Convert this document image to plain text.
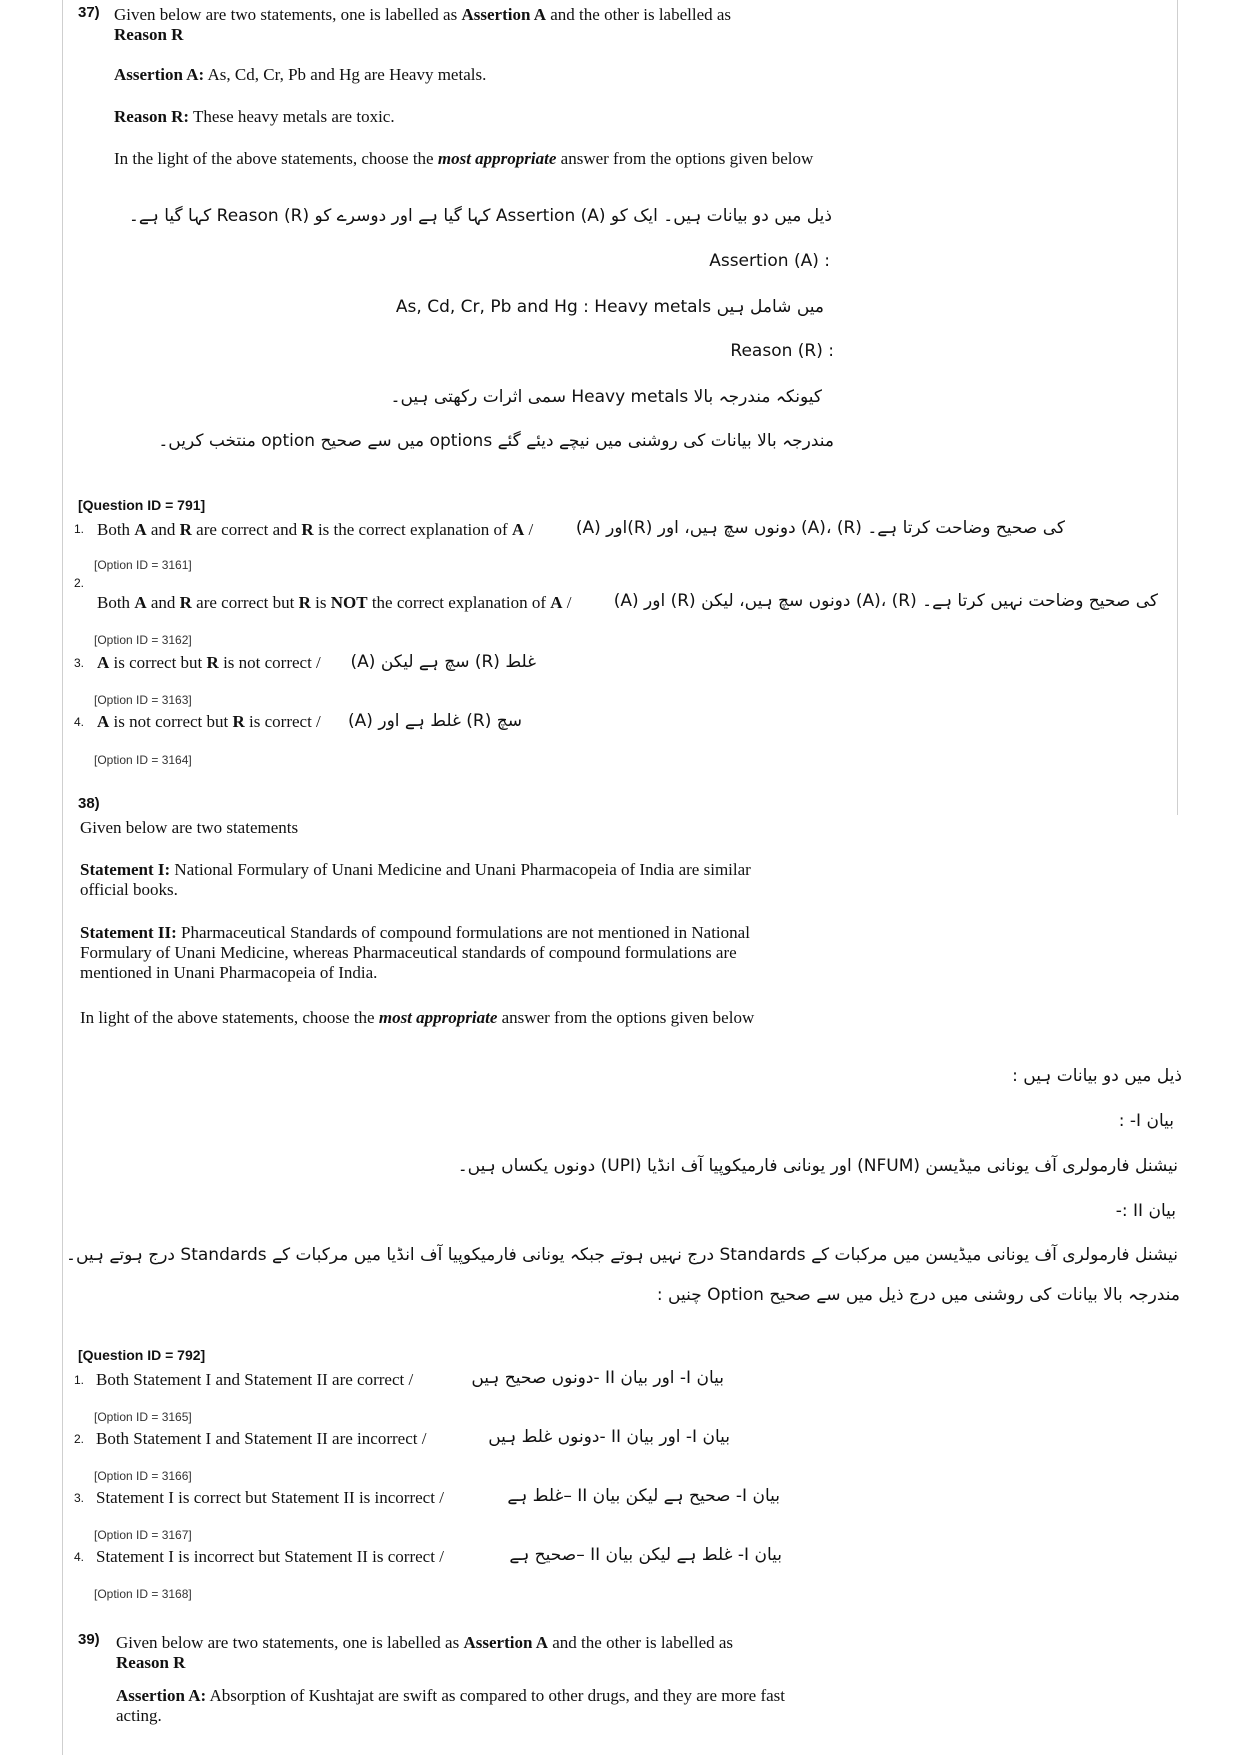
37) Given below are two statements, one is labelled as Assertion A and the other is labelled as
Reason R
Assertion A: As, Cd, Cr, Pb and Hg are Heavy metals.
Reason R: These heavy metals are toxic.
In the light of the above statements, choose the most appropriate answer from the options given below
ذیل میں دو بیانات ہیں۔ ایک کو Assertion (A) کہا گیا ہے اور دوسرے کو Reason (R) کہا گیا ہے۔
Assertion (A) :
As, Cd, Cr, Pb and Hg : Heavy metals میں شامل ہیں
Reason (R) :
کیونکہ مندرجہ بالا Heavy metals سمی اثرات رکھتی ہیں۔
مندرجہ بالا بیانات کی روشنی میں نیچے دیئے گئے options میں سے صحیح option منتخب کریں۔
[Question ID = 791]
1. Both A and R are correct and R is the correct explanation of A /	(A) اور(R) دونوں سچ ہیں، اور (A)، (R) کی صحیح وضاحت کرتا ہے۔
[Option ID = 3161]
2.
Both A and R are correct but R is NOT the correct explanation of A / (A) اور (R) دونوں سچ ہیں، لیکن (A)، (R) کی صحیح وضاحت نہیں کرتا ہے۔
[Option ID = 3162]
3. A is correct but R is not correct / (A) سچ ہے لیکن (R) غلط
[Option ID = 3163]
4. A is not correct but R is correct / (A) غلط ہے اور (R) سچ
[Option ID = 3164]
38)
Given below are two statements
Statement I: National Formulary of Unani Medicine and Unani Pharmacopeia of India are similar official books.
Statement II: Pharmaceutical Standards of compound formulations are not mentioned in National Formulary of Unani Medicine, whereas Pharmaceutical standards of compound formulations are mentioned in Unani Pharmacopeia of India.
In light of the above statements, choose the most appropriate answer from the options given below
ذیل میں دو بیانات ہیں :
بیان I- :
نیشنل فارمولری آف یونانی میڈیسن (NFUM) اور یونانی فارمیکوپیا آف انڈیا (UPI) دونوں یکساں ہیں۔
بیان II :-
نیشنل فارمولری آف یونانی میڈیسن میں مرکبات کے Standards درج نہیں ہوتے جبکہ یونانی فارمیکوپیا آف انڈیا میں مرکبات کے Standards درج ہوتے ہیں۔
مندرجہ بالا بیانات کی روشنی میں درج ذیل میں سے صحیح Option چنیں :
[Question ID = 792]
1. Both Statement I and Statement II are correct /	بیان I- اور بیان II -دونوں صحیح ہیں
[Option ID = 3165]
2. Both Statement I and Statement II are incorrect /	بیان I- اور بیان II -دونوں غلط ہیں
[Option ID = 3166]
3. Statement I is correct but Statement II is incorrect /	بیان I- صحیح ہے لیکن بیان II –غلط ہے
[Option ID = 3167]
4. Statement I is incorrect but Statement II is correct /	بیان I- غلط ہے لیکن بیان II –صحیح ہے
[Option ID = 3168]
39) Given below are two statements, one is labelled as Assertion A and the other is labelled as
Reason R
Assertion A: Absorption of Kushtajat are swift as compared to other drugs, and they are more fast acting.
